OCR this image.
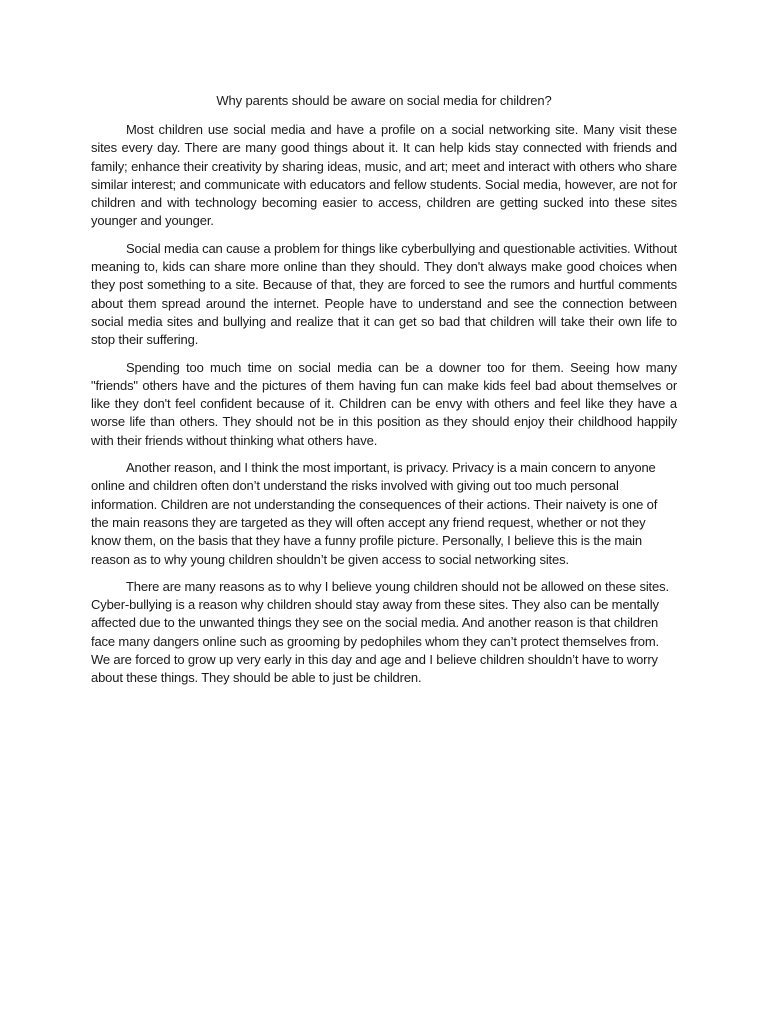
Why parents should be aware on social media for children?

Most children use social media and have a profile on a social networking site. Many visit these sites every day. There are many good things about it. It can help kids stay connected with friends and family; enhance their creativity by sharing ideas, music, and art; meet and interact with others who share similar interest; and communicate with educators and fellow students. Social media, however, are not for children and with technology becoming easier to access, children are getting sucked into these sites younger and younger.

Social media can cause a problem for things like cyberbullying and questionable activities. Without meaning to, kids can share more online than they should. They don't always make good choices when they post something to a site. Because of that, they are forced to see the rumors and hurtful comments about them spread around the internet. People have to understand and see the connection between social media sites and bullying and realize that it can get so bad that children will take their own life to stop their suffering.

Spending too much time on social media can be a downer too for them. Seeing how many "friends" others have and the pictures of them having fun can make kids feel bad about themselves or like they don't feel confident because of it. Children can be envy with others and feel like they have a worse life than others. They should not be in this position as they should enjoy their childhood happily with their friends without thinking what others have.

Another reason, and I think the most important, is privacy. Privacy is a main concern to anyone online and children often don’t understand the risks involved with giving out too much personal information. Children are not understanding the consequences of their actions. Their naivety is one of the main reasons they are targeted as they will often accept any friend request, whether or not they know them, on the basis that they have a funny profile picture. Personally, I believe this is the main reason as to why young children shouldn’t be given access to social networking sites.

There are many reasons as to why I believe young children should not be allowed on these sites. Cyber-bullying is a reason why children should stay away from these sites. They also can be mentally affected due to the unwanted things they see on the social media. And another reason is that children face many dangers online such as grooming by pedophiles whom they can’t protect themselves from. We are forced to grow up very early in this day and age and I believe children shouldn’t have to worry about these things. They should be able to just be children.
